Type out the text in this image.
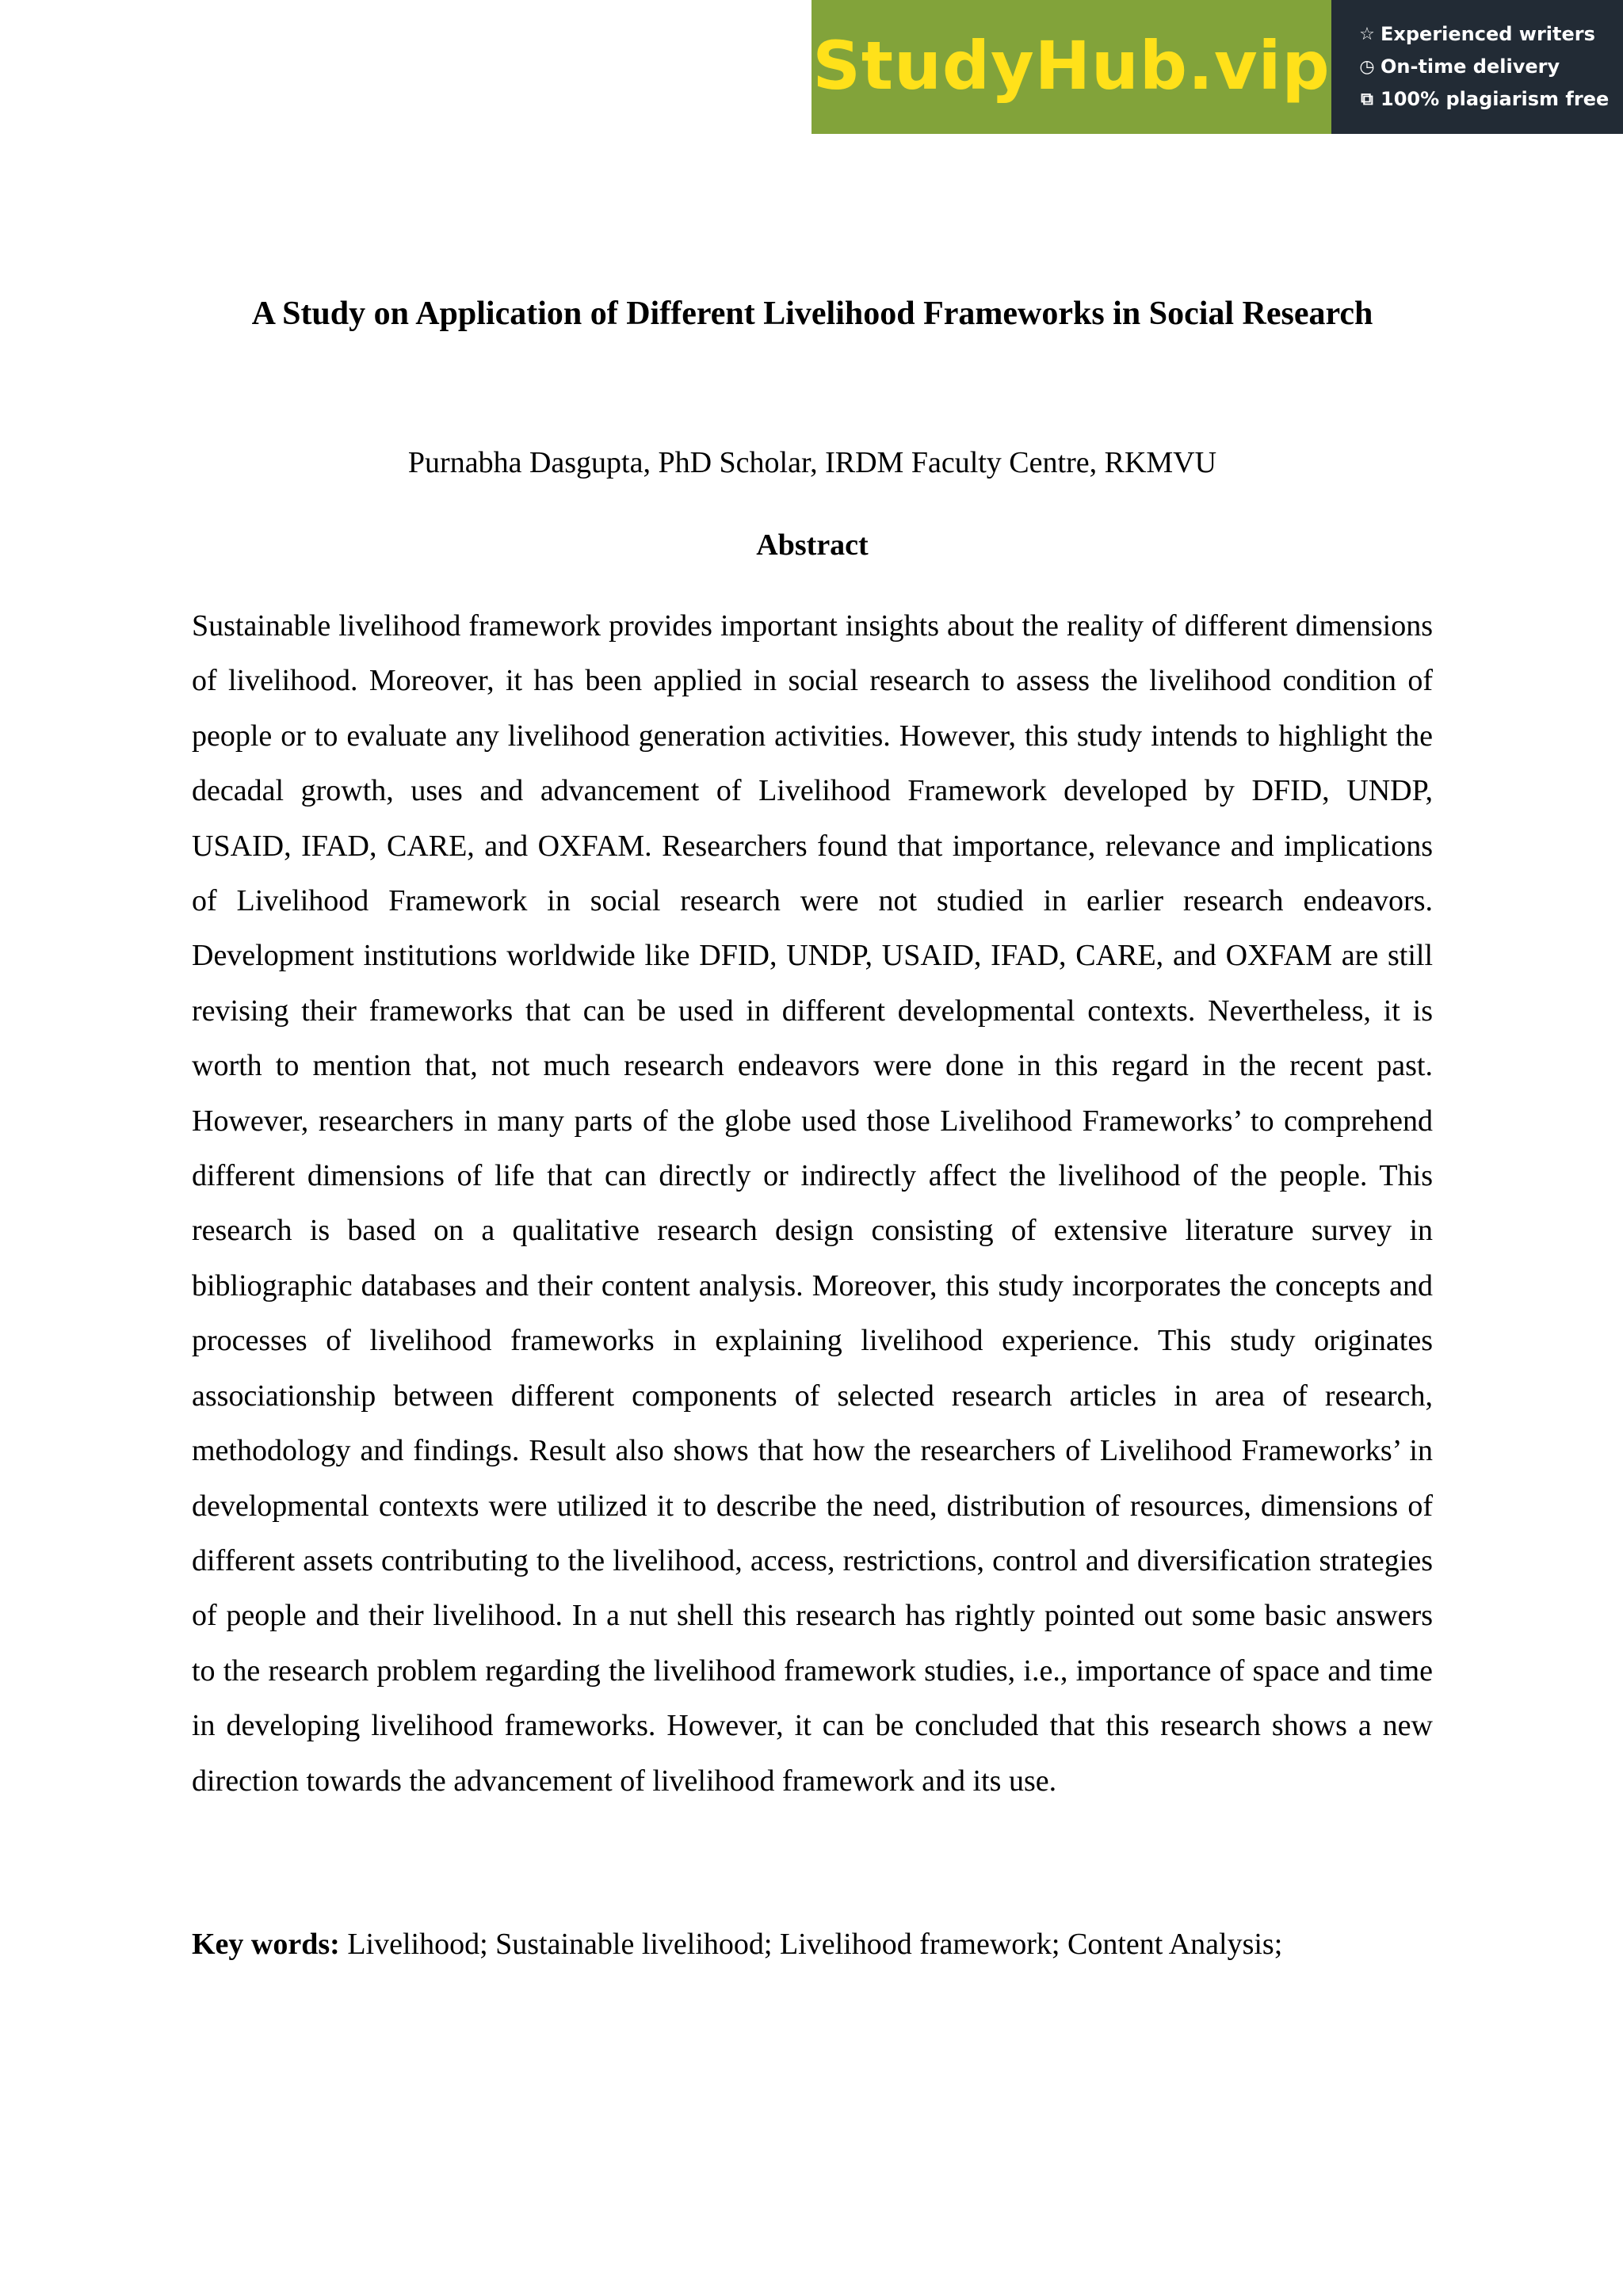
StudyHub.vip ☆ Experienced writers
◷ On-time delivery
⧉ 100% plagiarism free
A Study on Application of Different Livelihood Frameworks in Social Research

Purnabha Dasgupta, PhD Scholar, IRDM Faculty Centre, RKMVU

Abstract

Sustainable livelihood framework provides important insights about the reality of different dimensions of livelihood. Moreover, it has been applied in social research to assess the livelihood condition of people or to evaluate any livelihood generation activities. However, this study intends to highlight the decadal growth, uses and advancement of Livelihood Framework developed by DFID, UNDP, USAID, IFAD, CARE, and OXFAM. Researchers found that importance, relevance and implications of Livelihood Framework in social research were not studied in earlier research endeavors. Development institutions worldwide like DFID, UNDP, USAID, IFAD, CARE, and OXFAM are still revising their frameworks that can be used in different developmental contexts. Nevertheless, it is worth to mention that, not much research endeavors were done in this regard in the recent past. However, researchers in many parts of the globe used those Livelihood Frameworks’ to comprehend different dimensions of life that can directly or indirectly affect the livelihood of the people. This research is based on a qualitative research design consisting of extensive literature survey in bibliographic databases and their content analysis. Moreover, this study incorporates the concepts and processes of livelihood frameworks in explaining livelihood experience. This study originates associationship between different components of selected research articles in area of research, methodology and findings. Result also shows that how the researchers of Livelihood Frameworks’ in developmental contexts were utilized it to describe the need, distribution of resources, dimensions of different assets contributing to the livelihood, access, restrictions, control and diversification strategies of people and their livelihood. In a nut shell this research has rightly pointed out some basic answers to the research problem regarding the livelihood framework studies, i.e., importance of space and time in developing livelihood frameworks. However, it can be concluded that this research shows a new direction towards the advancement of livelihood framework and its use.

Key words: Livelihood; Sustainable livelihood; Livelihood framework; Content Analysis;
